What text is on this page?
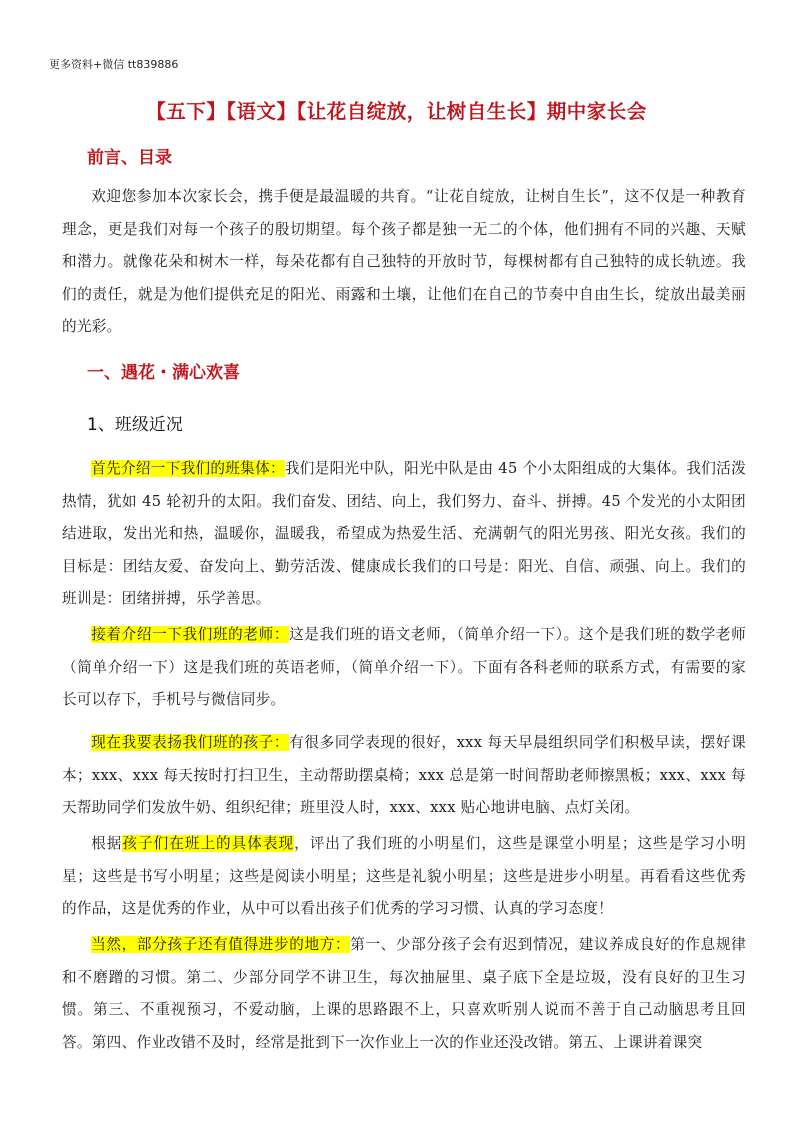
更多资料+微信 tt839886
【五下】【语文】【让花自绽放，让树自生长】期中家长会
前言、目录
欢迎您参加本次家长会，携手便是最温暖的共育。“让花自绽放，让树自生长”，这不仅是一种教育理念，更是我们对每一个孩子的殷切期望。每个孩子都是独一无二的个体，他们拥有不同的兴趣、天赋和潜力。就像花朵和树木一样，每朵花都有自己独特的开放时节，每棵树都有自己独特的成长轨迹。我们的责任，就是为他们提供充足的阳光、雨露和土壤，让他们在自己的节奏中自由生长，绽放出最美丽的光彩。
一、遇花・满心欢喜
1、班级近况
首先介绍一下我们的班集体：我们是阳光中队，阳光中队是由 45 个小太阳组成的大集体。我们活泼热情，犹如 45 轮初升的太阳。我们奋发、团结、向上，我们努力、奋斗、拼搏。45 个发光的小太阳团结进取，发出光和热，温暖你，温暖我，希望成为热爱生活、充满朝气的阳光男孩、阳光女孩。我们的目标是：团结友爱、奋发向上、勤劳活泼、健康成长我们的口号是：阳光、自信、顽强、向上。我们的班训是：团绪拼搏，乐学善思。
接着介绍一下我们班的老师：这是我们班的语文老师，（简单介绍一下）。这个是我们班的数学老师（简单介绍一下）这是我们班的英语老师，（简单介绍一下）。下面有各科老师的联系方式，有需要的家长可以存下，手机号与微信同步。
现在我要表扬我们班的孩子：有很多同学表现的很好，xxx 每天早晨组织同学们积极早读，摆好课本；xxx、xxx 每天按时打扫卫生，主动帮助摆桌椅；xxx 总是第一时间帮助老师擦黑板；xxx、xxx 每天帮助同学们发放牛奶、组织纪律；班里没人时，xxx、xxx 贴心地讲电脑、点灯关闭。
根据孩子们在班上的具体表现，评出了我们班的小明星们，这些是课堂小明星；这些是学习小明星；这些是书写小明星；这些是阅读小明星；这些是礼貌小明星；这些是进步小明星。再看看这些优秀的作品，这是优秀的作业，从中可以看出孩子们优秀的学习习惯、认真的学习态度！
当然，部分孩子还有值得进步的地方：第一、少部分孩子会有迟到情况，建议养成良好的作息规律和不磨蹭的习惯。第二、少部分同学不讲卫生，每次抽屉里、桌子底下全是垃圾，没有良好的卫生习惯。第三、不重视预习，不爱动脑，上课的思路跟不上，只喜欢听别人说而不善于自己动脑思考且回答。第四、作业改错不及时，经常是批到下一次作业上一次的作业还没改错。第五、上课讲着课突
